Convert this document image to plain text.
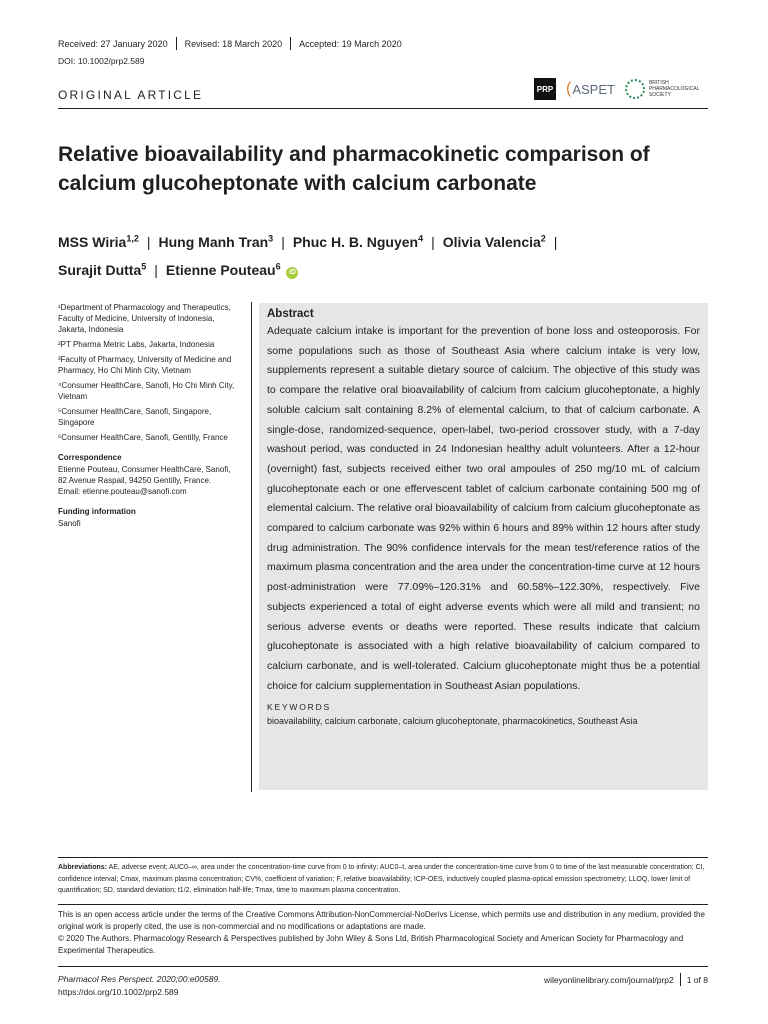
Received: 27 January 2020 Revised: 18 March 2020 Accepted: 19 March 2020
DOI: 10.1002/prp2.589
ORIGINAL ARTICLE	PRP ( ASPET	BRITISH PHARMACOLOGICAL SOCIETY
Relative bioavailability and pharmacokinetic comparison of calcium glucoheptonate with calcium carbonate
MSS Wiria$^{1,2}$ | Hung Manh Tran$^3$ | Phuc H. B. Nguyen$^4$ | Olivia Valencia$^2$ |
Surajit Dutta$^5$ | Etienne Pouteau$^6$ iD

¹Department of Pharmacology and Therapeutics, Faculty of Medicine, University of Indonesia, Jakarta, Indonesia

²PT Pharma Metric Labs, Jakarta, Indonesia

³Faculty of Pharmacy, University of Medicine and Pharmacy, Ho Chi Minh City, Vietnam

⁴Consumer HealthCare, Sanofi, Ho Chi Minh City, Vietnam

⁵Consumer HealthCare, Sanofi, Singapore, Singapore

⁶Consumer HealthCare, Sanofi, Gentilly, France

Correspondence
Etienne Pouteau, Consumer HealthCare, Sanofi, 82 Avenue Raspail, 94250 Gentilly, France.
Email: etienne.pouteau@sanofi.com
Funding information
Sanofi
Abstract
Adequate calcium intake is important for the prevention of bone loss and osteoporosis. For some populations such as those of Southeast Asia where calcium intake is very low, supplements represent a suitable dietary source of calcium. The objective of this study was to compare the relative oral bioavailability of calcium from calcium glucoheptonate, a highly soluble calcium salt containing 8.2% of elemental calcium, to that of calcium carbonate. A single-dose, randomized-sequence, open-label, two-period crossover study, with a 7-day washout period, was conducted in 24 Indonesian healthy adult volunteers. After a 12-hour (overnight) fast, subjects received either two oral ampoules of 250 mg/10 mL of calcium glucoheptonate each or one effervescent tablet of calcium carbonate containing 500 mg of elemental calcium. The relative oral bioavailability of calcium from calcium glucoheptonate as compared to calcium carbonate was 92% within 6 hours and 89% within 12 hours after study drug administration. The 90% confidence intervals for the mean test/reference ratios of the maximum plasma concentration and the area under the concentration-time curve at 12 hours post-administration were 77.09%–120.31% and 60.58%–122.30%, respectively. Five subjects experienced a total of eight adverse events which were all mild and transient; no serious adverse events or deaths were reported. These results indicate that calcium glucoheptonate is associated with a high relative bioavailability of calcium compared to calcium carbonate, and is well-tolerated. Calcium glucoheptonate might thus be a potential choice for calcium supplementation in Southeast Asian populations.
KEYWORDS
bioavailability, calcium carbonate, calcium glucoheptonate, pharmacokinetics, Southeast Asia
Abbreviations: AE, adverse event; AUC0–∞, area under the concentration-time curve from 0 to infinity; AUC0–t, area under the concentration-time curve from 0 to time of the last measurable concentration; CI, confidence interval; Cmax, maximum plasma concentration; CV%, coefficient of variation; F, relative bioavailability; ICP-OES, inductively coupled plasma-optical emission spectrometry; LLOQ, lower limit of quantification; SD, standard deviation; t1/2, elimination half-life; Tmax, time to maximum plasma concentration.
This is an open access article under the terms of the Creative Commons Attribution-NonCommercial-NoDerivs License, which permits use and distribution in any medium, provided the original work is properly cited, the use is non-commercial and no modifications or adaptations are made.
© 2020 The Authors. Pharmacology Research & Perspectives published by John Wiley & Sons Ltd, British Pharmacological Society and American Society for Pharmacology and Experimental Therapeutics.
Pharmacol Res Perspect. 2020;00:e00589.
https://doi.org/10.1002/prp2.589
wileyonlinelibrary.com/journal/prp2 1 of 8
